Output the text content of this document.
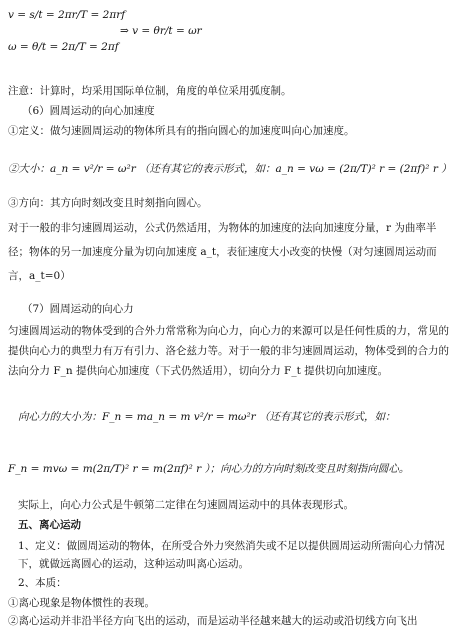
v = s/t = 2πr/T = 2πrf
ω = θ/t = 2π/T = 2πf
⇒ v = θr/t = ωr
注意：计算时，均采用国际单位制，角度的单位采用弧度制。
（6）圆周运动的向心加速度
①定义：做匀速圆周运动的物体所具有的指向圆心的加速度叫向心加速度。
②大小：a_n = v²/r = ω²r （还有其它的表示形式，如：a_n = vω = (2π/T)² r = (2πf)² r ）
③方向：其方向时刻改变且时刻指向圆心。
对于一般的非匀速圆周运动，公式仍然适用，为物体的加速度的法向加速度分量，r 为曲率半径；物体的另一加速度分量为切向加速度 a_t，表征速度大小改变的快慢（对匀速圆周运动而言，a_t=0）
（7）圆周运动的向心力
匀速圆周运动的物体受到的合外力常常称为向心力，向心力的来源可以是任何性质的力，常见的提供向心力的典型力有万有引力、洛仑兹力等。对于一般的非匀速圆周运动，物体受到的合力的法向分力 F_n 提供向心加速度（下式仍然适用），切向分力 F_t 提供切向加速度。
向心力的大小为：F_n = ma_n = m v²/r = mω²r （还有其它的表示形式，如：
F_n = mvω = m(2π/T)² r = m(2πf)² r ）；向心力的方向时刻改变且时刻指向圆心。
实际上，向心力公式是牛顿第二定律在匀速圆周运动中的具体表现形式。
五、离心运动
1、定义：做圆周运动的物体，在所受合外力突然消失或不足以提供圆周运动所需向心力情况下，就做远离圆心的运动，这种运动叫离心运动。
2、本质：
①离心现象是物体惯性的表现。
②离心运动并非沿半径方向飞出的运动，而是运动半径越来越大的运动或沿切线方向飞出
